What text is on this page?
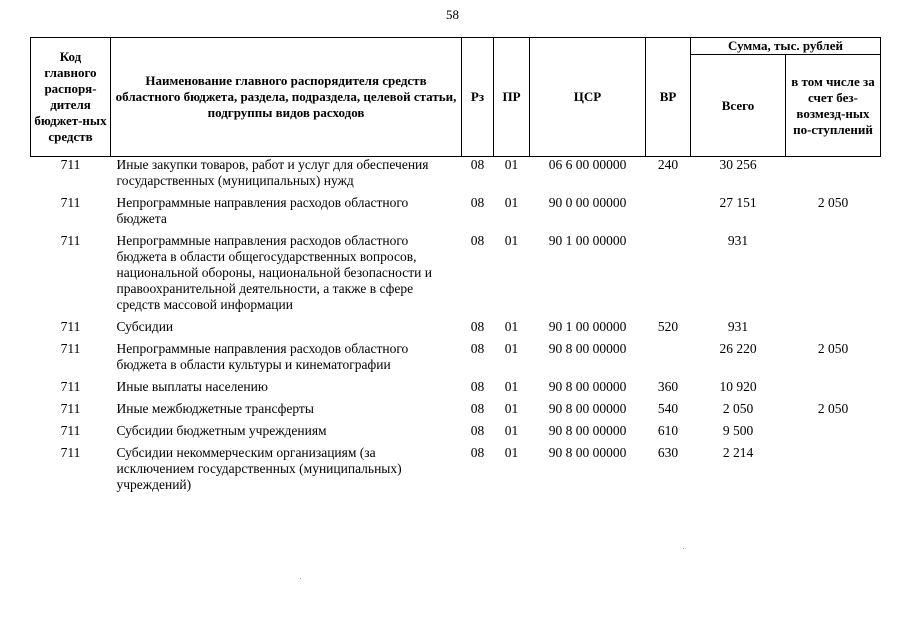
58
Код главного распоря-дителя бюджет-ных средств	Наименование главного распорядителя средств областного бюджета, раздела, подраздела, целевой статьи, подгруппы видов расходов	Рз	ПР	ЦСР	ВР	Сумма, тыс. рублей	
						Всего	в том числе за счет без-возмезд-ных по-ступлений
711	Иные закупки товаров, работ и услуг для обеспечения государственных (муниципальных) нужд	08	01	06 6 00 00000	240	30 256	
711	Непрограммные направления расходов областного бюджета	08	01	90 0 00 00000		27 151	2 050
711	Непрограммные направления расходов областного бюджета в области общегосударственных вопросов, национальной обороны, национальной безопасности и правоохранительной деятельности, а также в сфере средств массовой информации	08	01	90 1 00 00000		931	
711	Субсидии	08	01	90 1 00 00000	520	931	
711	Непрограммные направления расходов областного бюджета в области культуры и кинематографии	08	01	90 8 00 00000		26 220	2 050
711	Иные выплаты населению	08	01	90 8 00 00000	360	10 920	
711	Иные межбюджетные трансферты	08	01	90 8 00 00000	540	2 050	2 050
711	Субсидии бюджетным учреждениям	08	01	90 8 00 00000	610	9 500	
711	Субсидии некоммерческим организациям (за исключением государственных (муниципальных) учреждений)	08	01	90 8 00 00000	630	2 214	
